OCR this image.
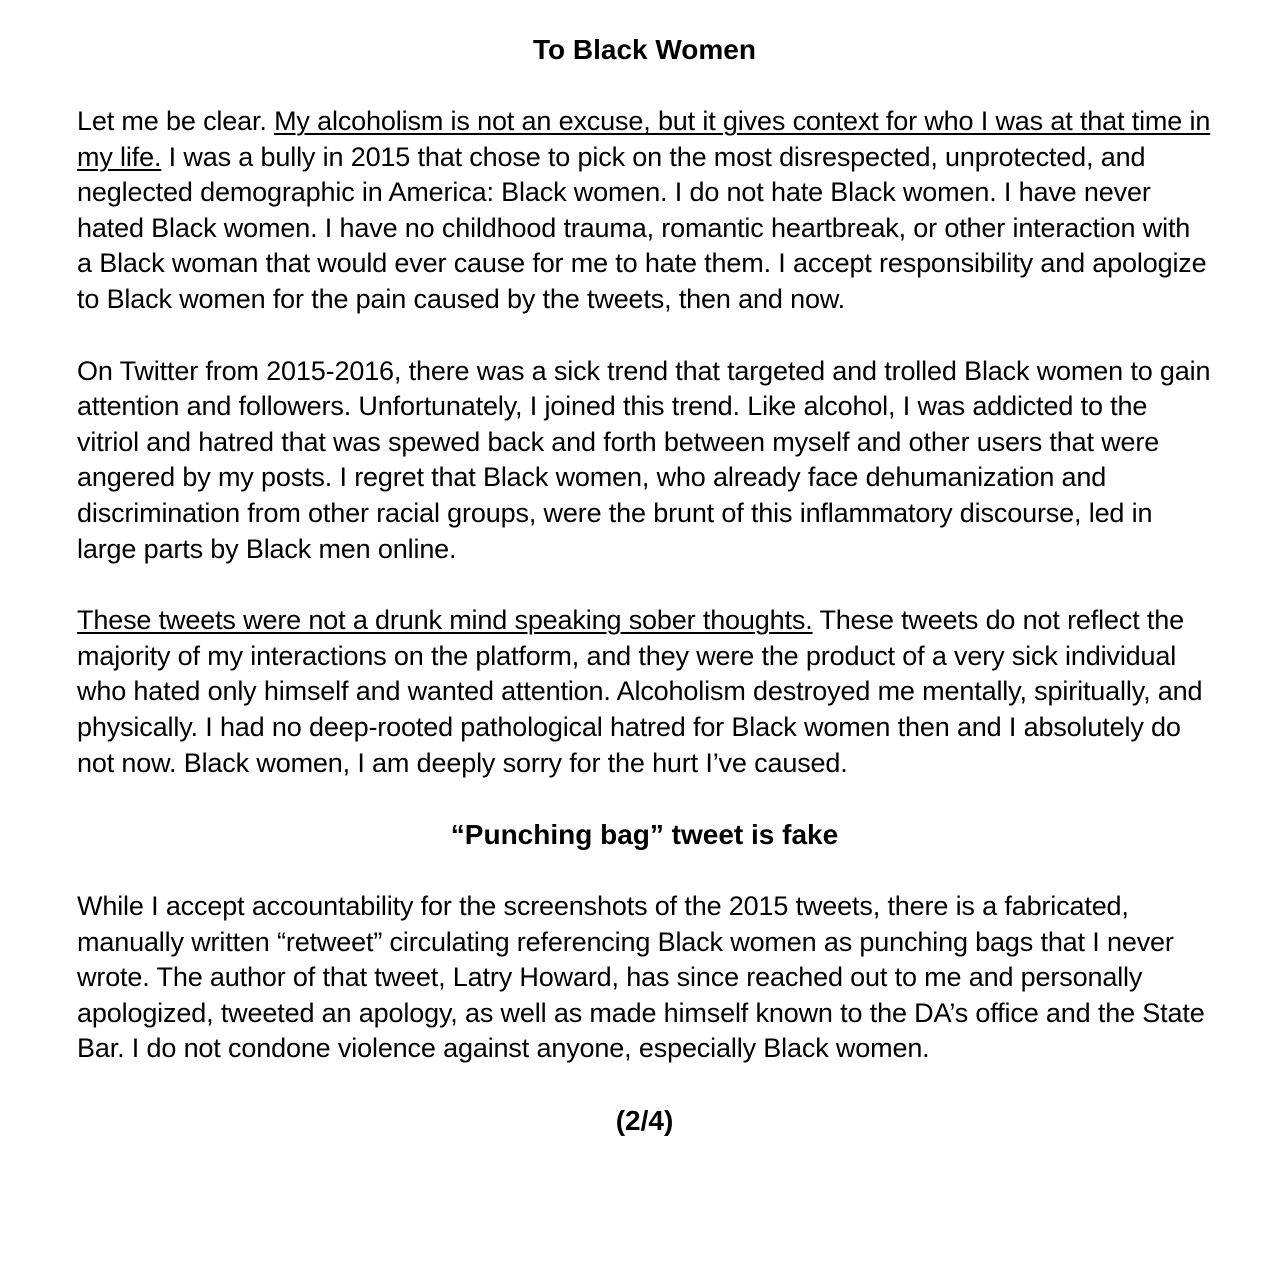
To Black Women

Let me be clear. My alcoholism is not an excuse, but it gives context for who I was at that time in my life. I was a bully in 2015 that chose to pick on the most disrespected, unprotected, and neglected demographic in America: Black women. I do not hate Black women. I have never hated Black women. I have no childhood trauma, romantic heartbreak, or other interaction with a Black woman that would ever cause for me to hate them. I accept responsibility and apologize to Black women for the pain caused by the tweets, then and now.

On Twitter from 2015-2016, there was a sick trend that targeted and trolled Black women to gain attention and followers. Unfortunately, I joined this trend. Like alcohol, I was addicted to the vitriol and hatred that was spewed back and forth between myself and other users that were angered by my posts. I regret that Black women, who already face dehumanization and discrimination from other racial groups, were the brunt of this inflammatory discourse, led in large parts by Black men online.

These tweets were not a drunk mind speaking sober thoughts. These tweets do not reflect the majority of my interactions on the platform, and they were the product of a very sick individual who hated only himself and wanted attention. Alcoholism destroyed me mentally, spiritually, and physically. I had no deep-rooted pathological hatred for Black women then and I absolutely do not now. Black women, I am deeply sorry for the hurt I’ve caused.

“Punching bag” tweet is fake

While I accept accountability for the screenshots of the 2015 tweets, there is a fabricated, manually written “retweet” circulating referencing Black women as punching bags that I never wrote. The author of that tweet, Latry Howard, has since reached out to me and personally apologized, tweeted an apology, as well as made himself known to the DA’s office and the State Bar. I do not condone violence against anyone, especially Black women.

(2/4)
